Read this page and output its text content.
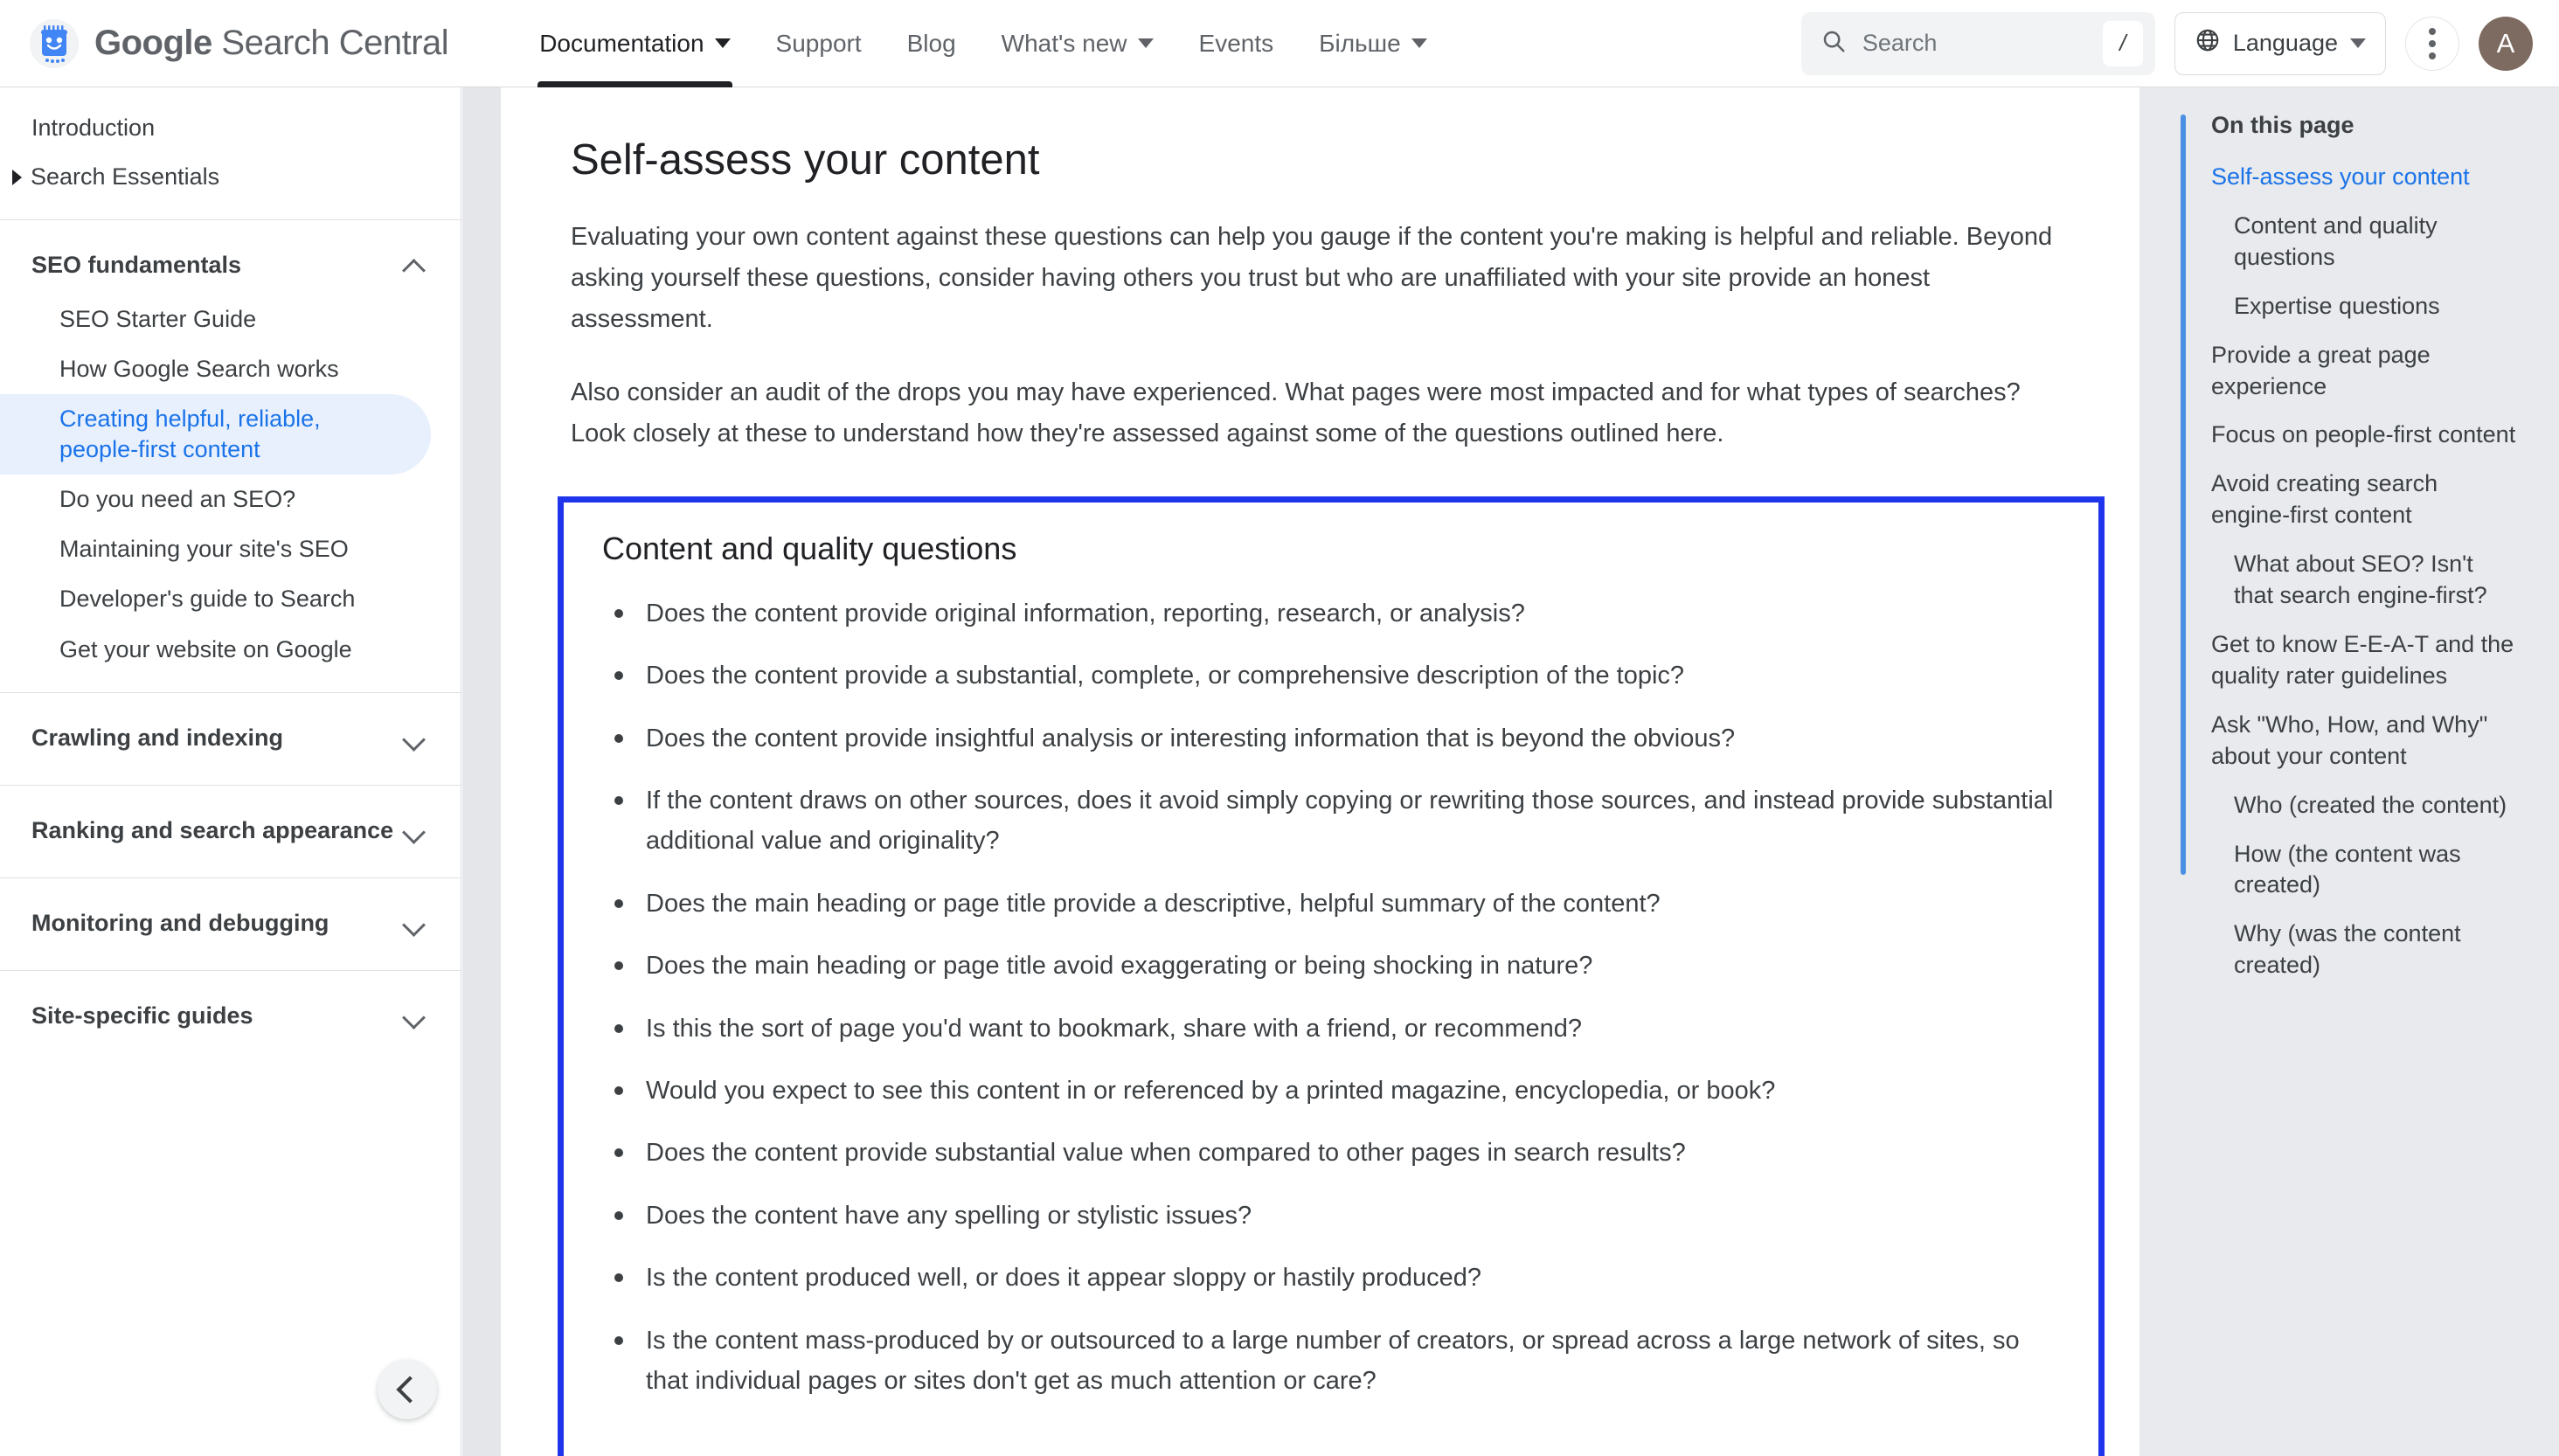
Google Search Central	Documentation	Support Blog What's new	Events Більше	Search	/	Language	A
Introduction
Search Essentials
SEO fundamentals
SEO Starter Guide
How Google Search works
Creating helpful, reliable, people-first content
Do you need an SEO?
Maintaining your site's SEO
Developer's guide to Search
Get your website on Google
Crawling and indexing
Ranking and search appearance
Monitoring and debugging
Site-specific guides
Self-assess your content

Evaluating your own content against these questions can help you gauge if the content you're making is helpful and reliable. Beyond asking yourself these questions, consider having others you trust but who are unaffiliated with your site provide an honest assessment.

Also consider an audit of the drops you may have experienced. What pages were most impacted and for what types of searches? Look closely at these to understand how they're assessed against some of the questions outlined here.

Content and quality questions
Does the content provide original information, reporting, research, or analysis?
Does the content provide a substantial, complete, or comprehensive description of the topic?
Does the content provide insightful analysis or interesting information that is beyond the obvious?
If the content draws on other sources, does it avoid simply copying or rewriting those sources, and instead provide substantial additional value and originality?
Does the main heading or page title provide a descriptive, helpful summary of the content?
Does the main heading or page title avoid exaggerating or being shocking in nature?
Is this the sort of page you'd want to bookmark, share with a friend, or recommend?
Would you expect to see this content in or referenced by a printed magazine, encyclopedia, or book?
Does the content provide substantial value when compared to other pages in search results?
Does the content have any spelling or stylistic issues?
Is the content produced well, or does it appear sloppy or hastily produced?
Is the content mass-produced by or outsourced to a large number of creators, or spread across a large network of sites, so that individual pages or sites don't get as much attention or care?
On this page
Self-assess your content
Content and quality questions
Expertise questions
Provide a great page experience
Focus on people-first content
Avoid creating search engine-first content
What about SEO? Isn't that search engine-first?
Get to know E-E-A-T and the quality rater guidelines
Ask "Who, How, and Why" about your content
Who (created the content)
How (the content was created)
Why (was the content created)
